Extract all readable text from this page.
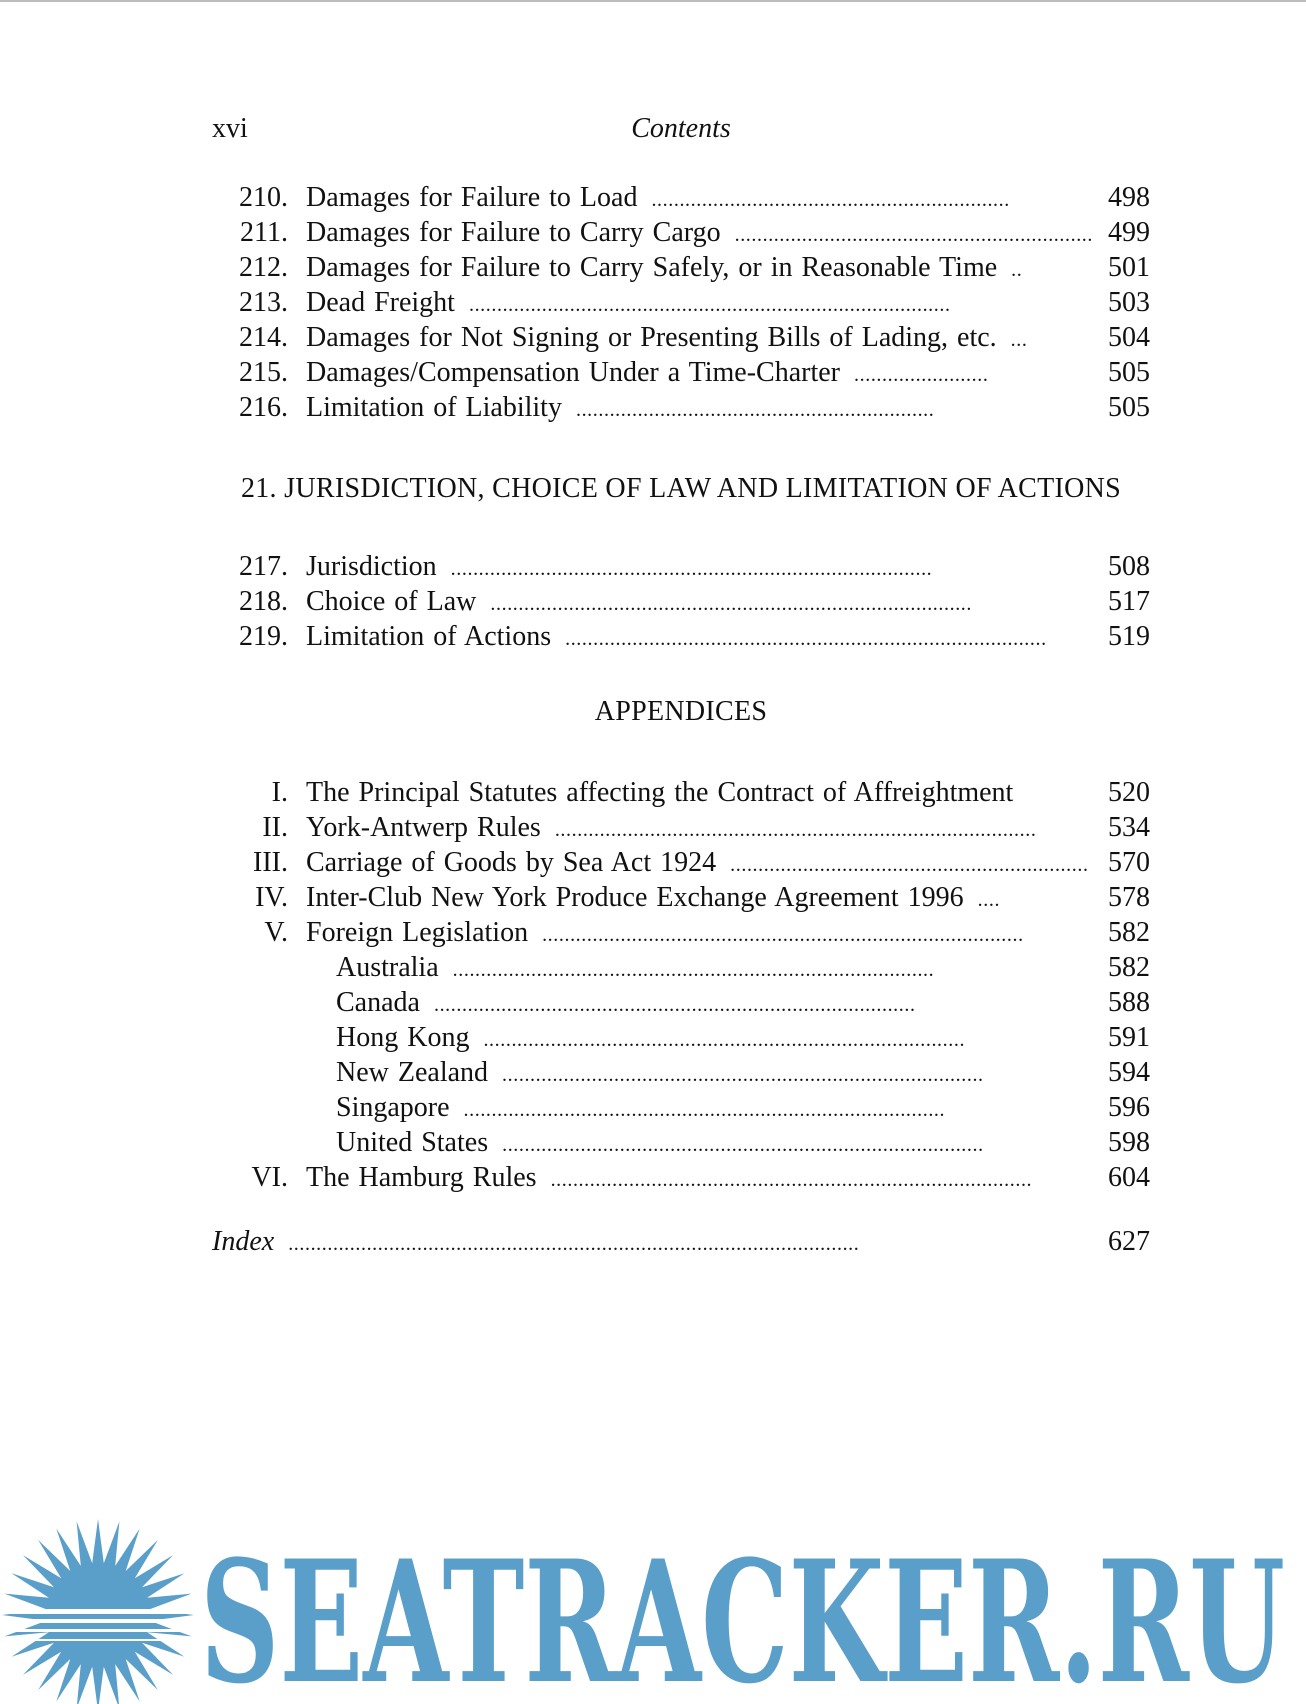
xvi	Contents
210. Damages for Failure to Load ................................................................	498
211. Damages for Failure to Carry Cargo ................................................................ 499
212. Damages for Failure to Carry Safely, or in Reasonable Time ..	501
213. Dead Freight ......................................................................................	503
214. Damages for Not Signing or Presenting Bills of Lading, etc. ...	504
215. Damages/Compensation Under a Time-Charter ........................	505
216. Limitation of Liability ................................................................	505
217. Jurisdiction ......................................................................................	508
218. Choice of Law ......................................................................................	517
219. Limitation of Actions ...................................................................................... 519
I. The Principal Statutes affecting the Contract of Affreightment	520
II. York-Antwerp Rules ......................................................................................	534
III. Carriage of Goods by Sea Act 1924 ................................................................ 570
IV. Inter-Club New York Produce Exchange Agreement 1996 ....	578
V. Foreign Legislation ......................................................................................	582
Australia ......................................................................................	582
Canada ......................................................................................	588
Hong Kong ......................................................................................	591
New Zealand ......................................................................................	594
Singapore ......................................................................................	596
United States ......................................................................................	598
VI. The Hamburg Rules ......................................................................................	604
Index ......................................................................................................	627
21. JURISDICTION, CHOICE OF LAW AND LIMITATION OF ACTIONS
APPENDICES
SEATRACKER.RU
